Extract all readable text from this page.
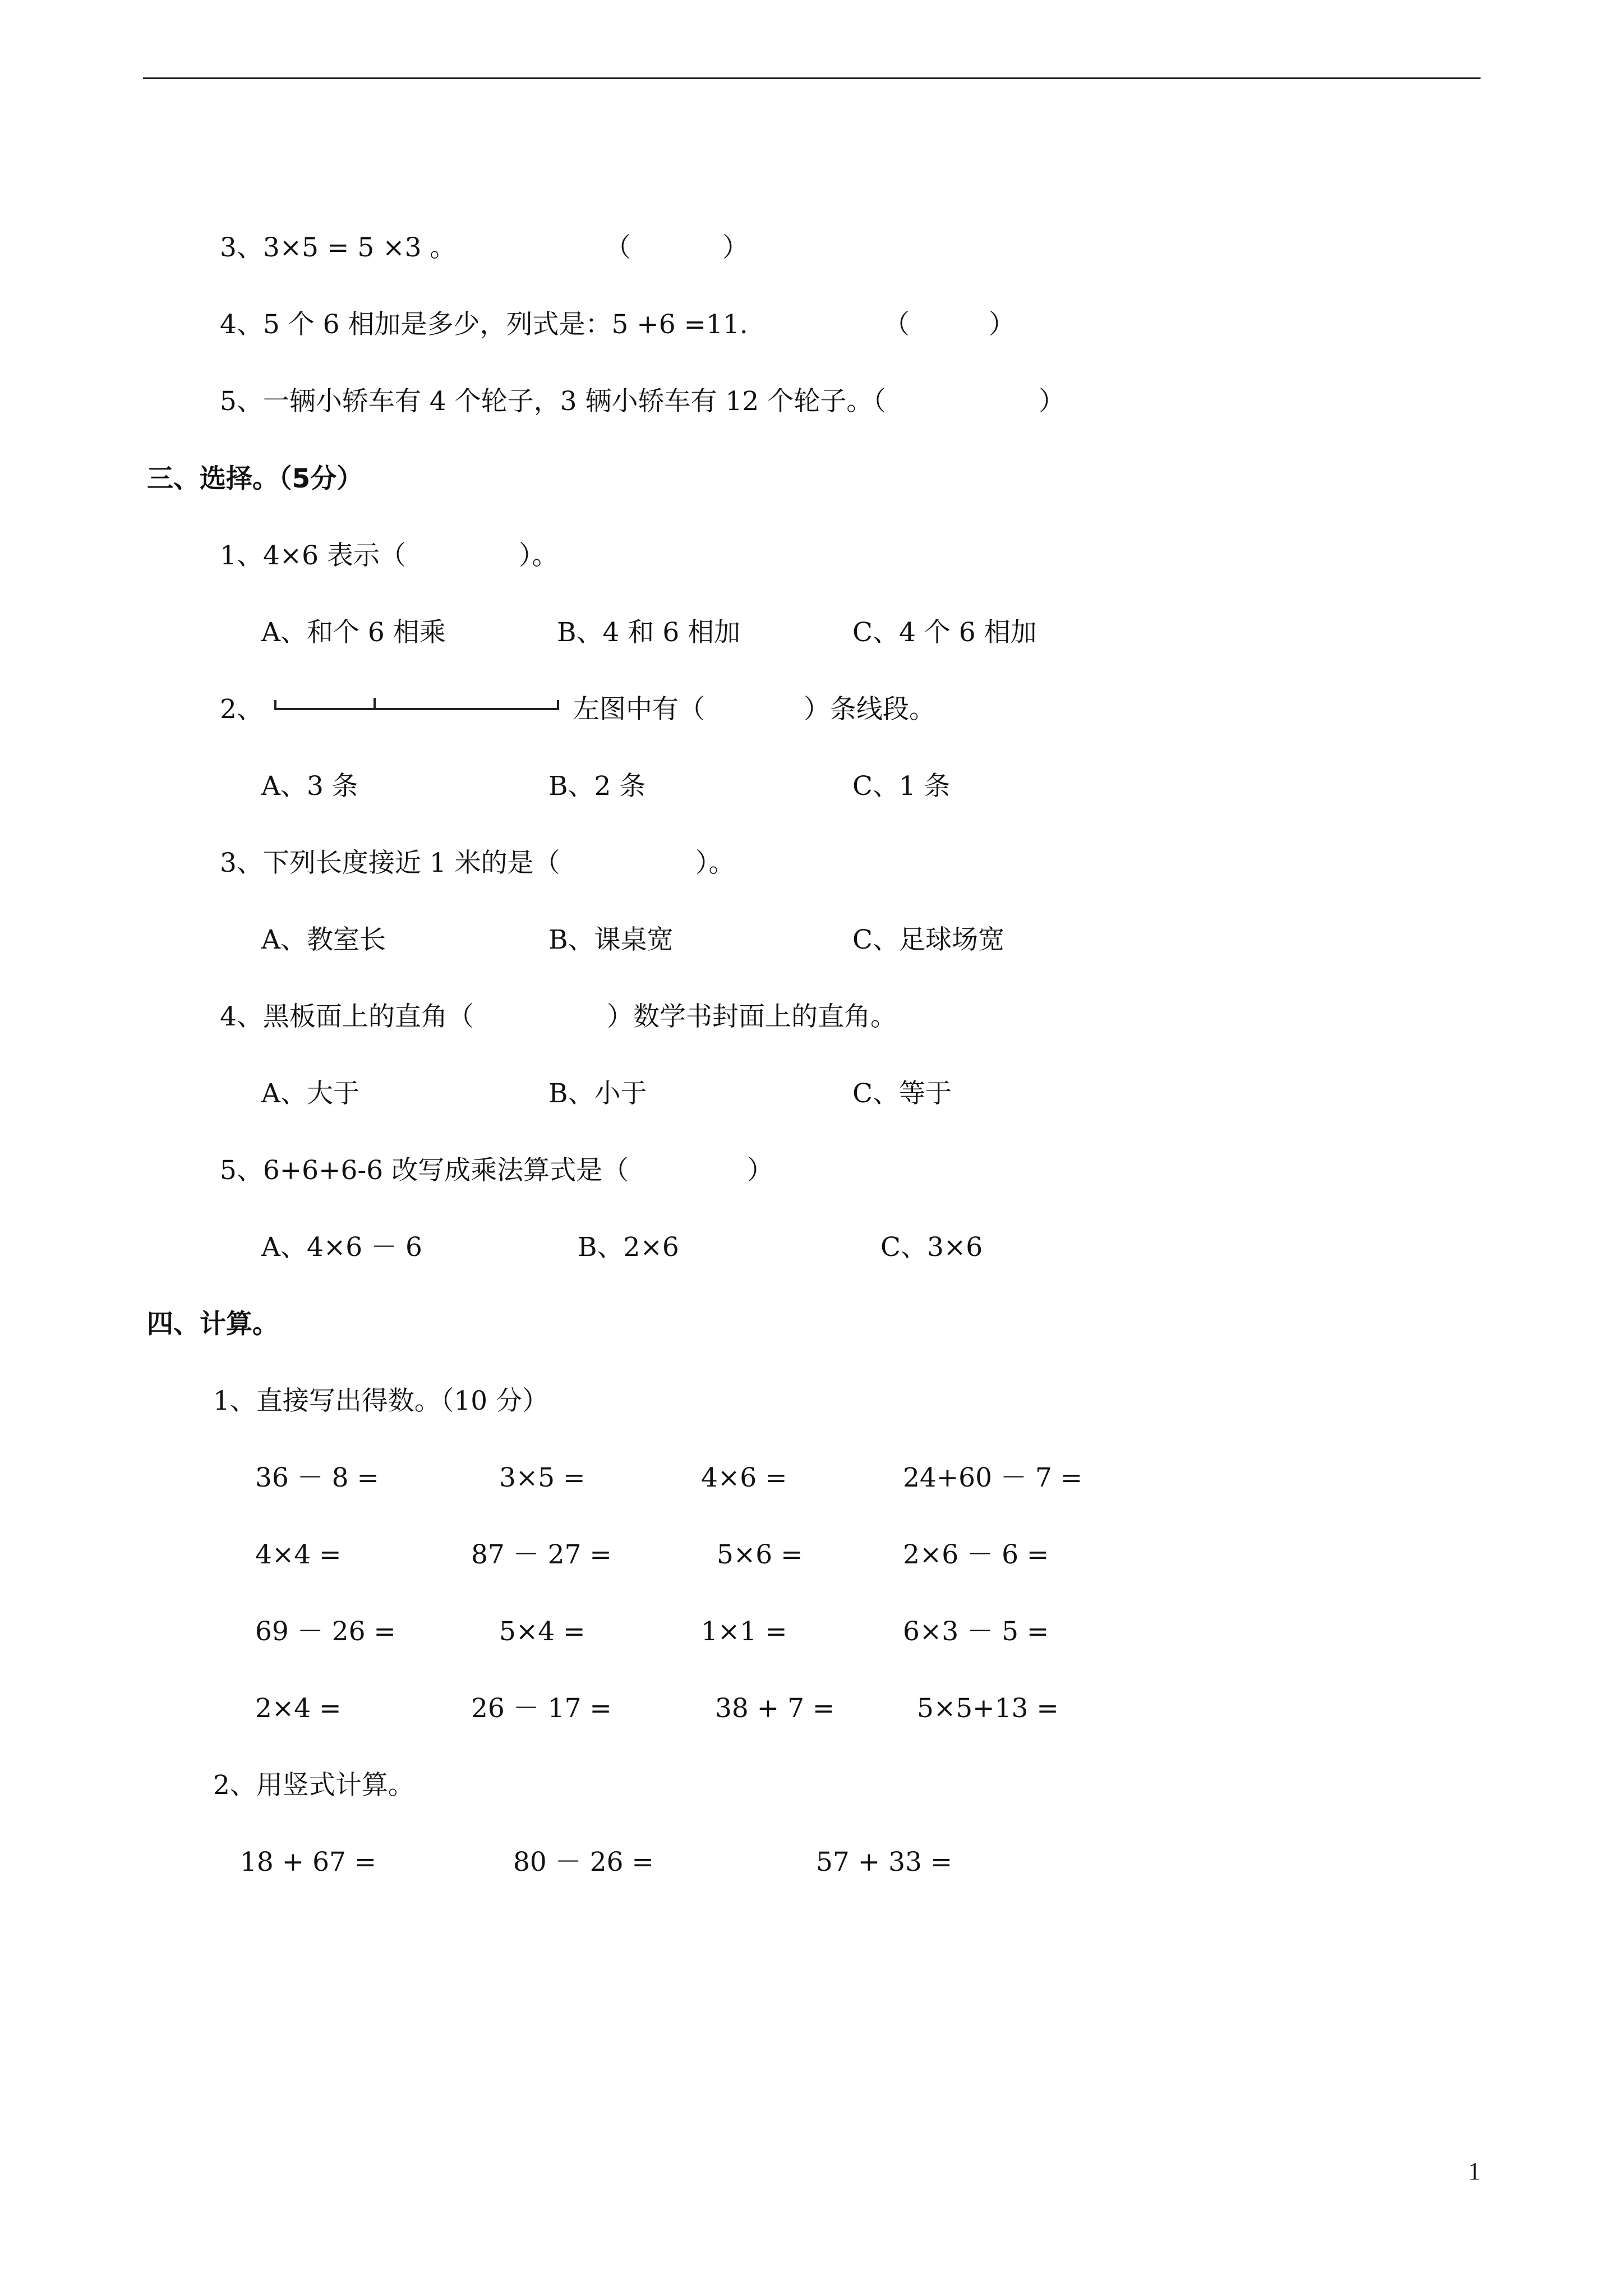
3、3×5 = 5 ×3 。	（	）
4、5 个 6 相加是多少，列式是：5 +6 =11.	（	）
5、一辆小轿车有 4 个轮子，3 辆小轿车有 12 个轮子。（	）
三、选择。（5分）
1、4×6 表示（	）。
A、和个 6 相乘	B、4 和 6 相加	C、4 个 6 相加
2、	左图中有（	）条线段。
A、3 条	B、2 条	C、1 条
3、下列长度接近 1 米的是（	）。
A、教室长	B、课桌宽	C、足球场宽
4、黑板面上的直角（	）数学书封面上的直角。
A、大于	B、小于	C、等于
5、6+6+6-6 改写成乘法算式是（	）
A、4×6 － 6	B、2×6	C、3×6
四、计算。
1、直接写出得数。（10 分）
36 － 8 =	3×5 =	4×6 =	24+60 － 7 =
4×4 =	87 － 27 =	5×6 =	2×6 － 6 =
69 － 26 =	5×4 =	1×1 =	6×3 － 5 =
2×4 =	26 － 17 =	38 + 7 =	5×5+13 =
2、用竖式计算。
18 + 67 =	80 － 26 =	57 + 33 =
1
